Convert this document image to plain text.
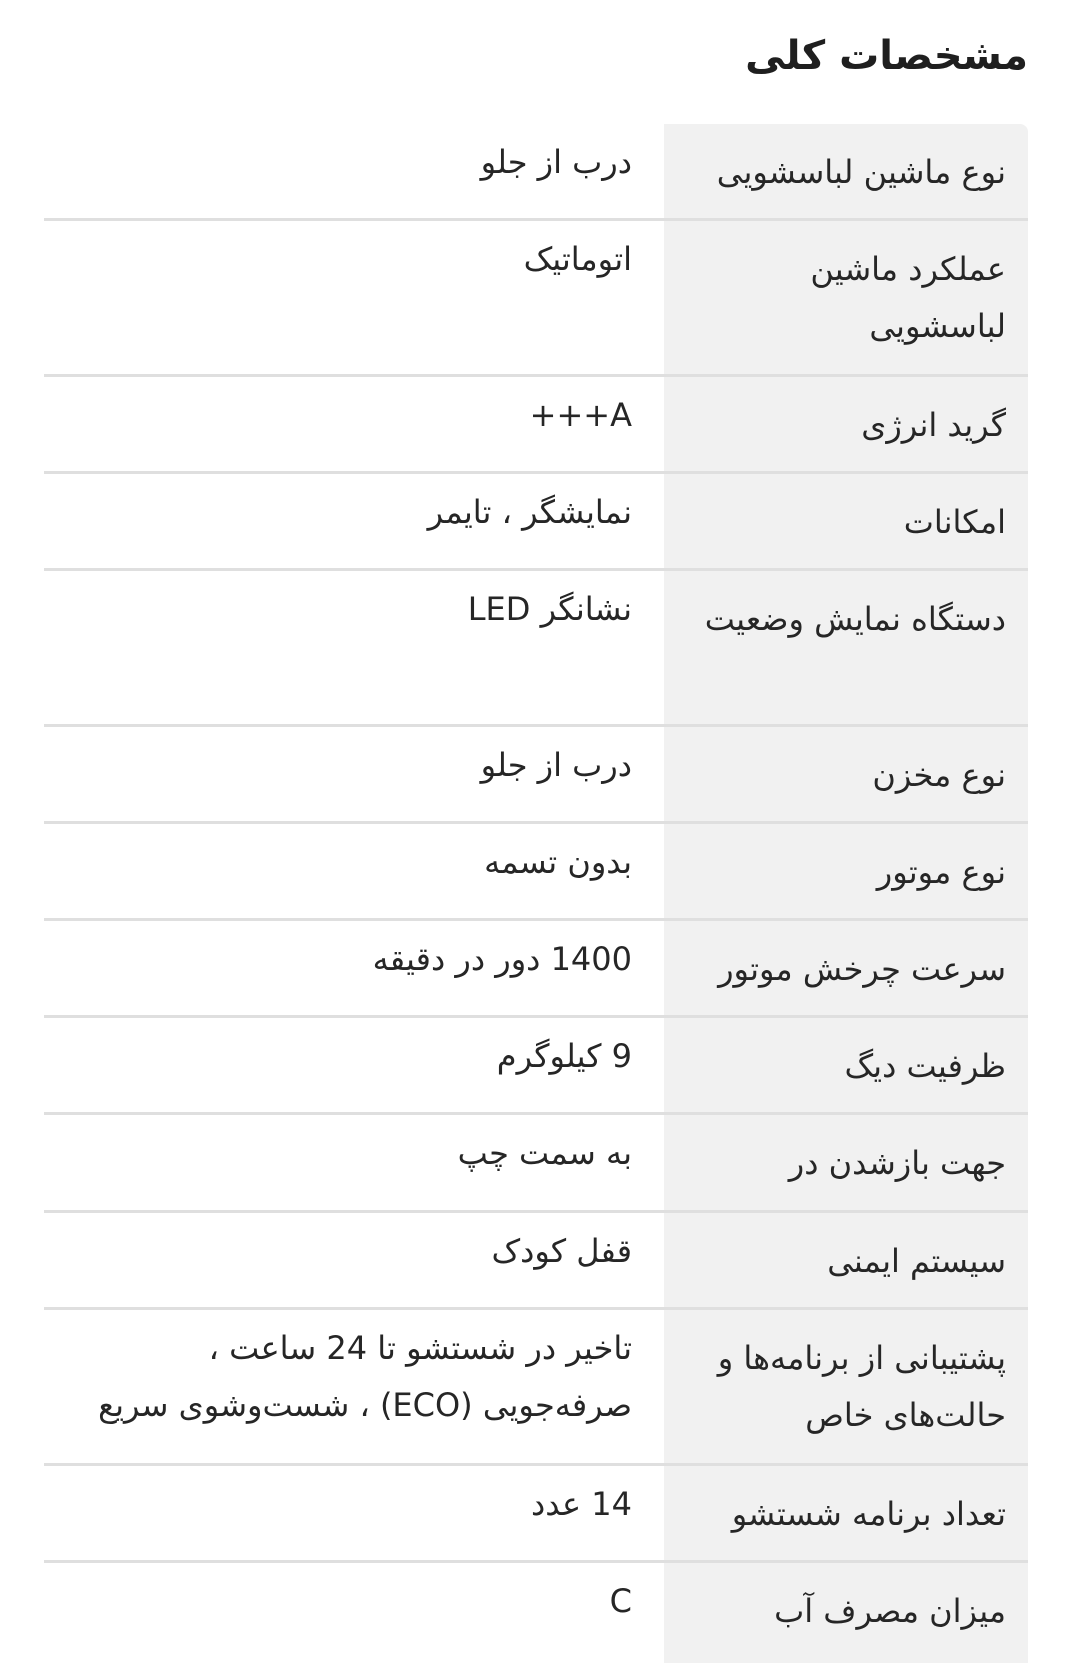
مشخصات کلی
نوع ماشین لباسشویی
درب از جلو
عملکرد ماشین لباسشویی
اتوماتیک
گرید انرژی
A+++
امکانات
نمایشگر ، تایمر
دستگاه نمایش وضعیت
نشانگر LED
نوع مخزن
درب از جلو
نوع موتور
بدون تسمه
سرعت چرخش موتور
1400 دور در دقیقه
ظرفیت دیگ
9 کیلوگرم
جهت بازشدن در
به سمت چپ
سیستم ایمنی
قفل کودک
پشتیبانی از برنامه‌ها و حالت‌های خاص
تاخیر در شستشو تا 24 ساعت ، صرفه‌جویی (ECO) ، شست‌وشوی سریع
تعداد برنامه شستشو
14 عدد
میزان مصرف آب
C
